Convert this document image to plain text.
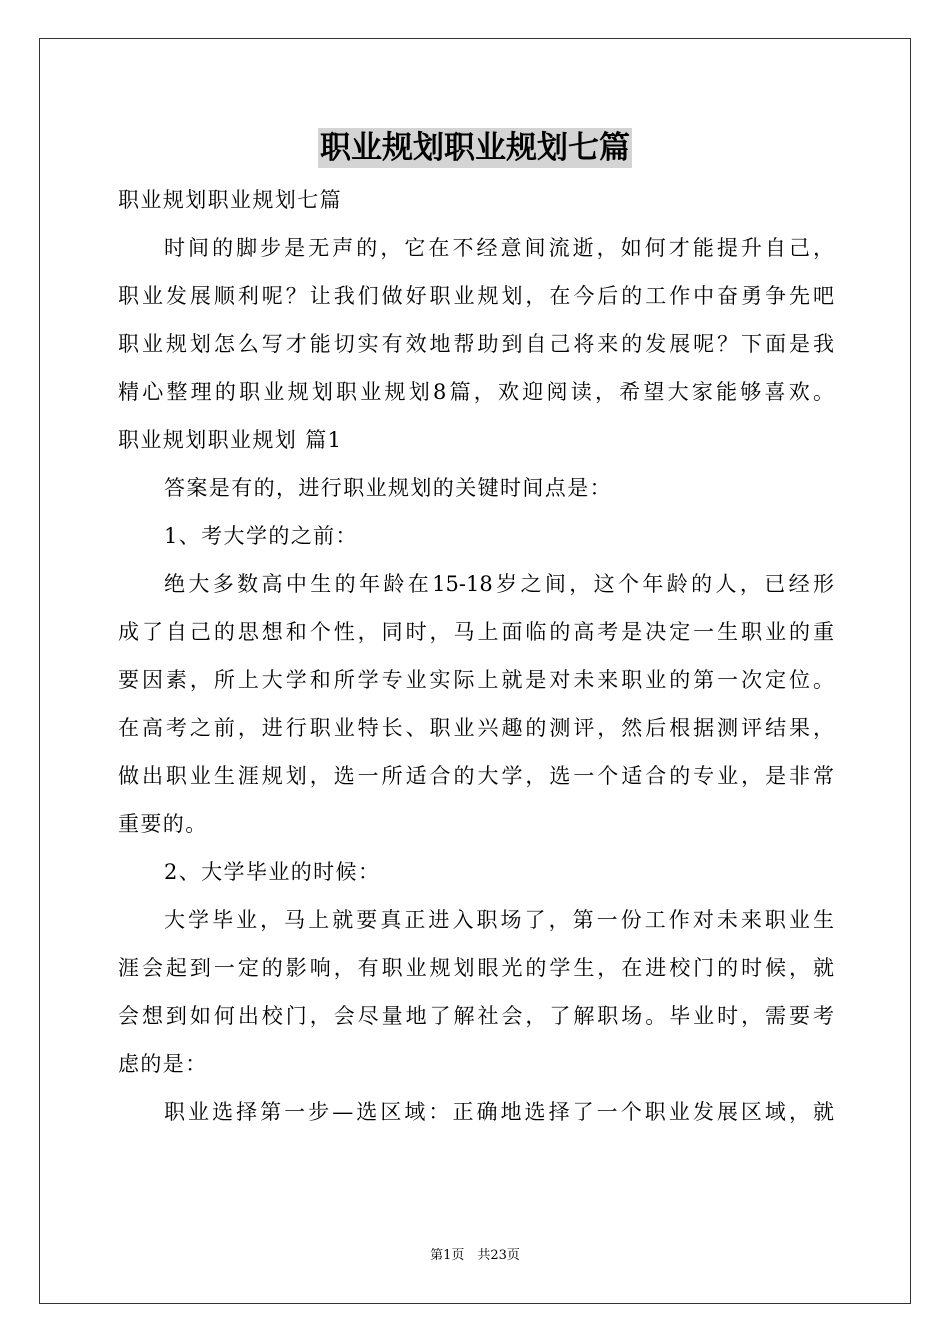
职业规划职业规划七篇
职业规划职业规划七篇
时间的脚步是无声的，它在不经意间流逝，如何才能提升自己，
职业发展顺利呢？让我们做好职业规划，在今后的工作中奋勇争先吧
职业规划怎么写才能切实有效地帮助到自己将来的发展呢？下面是我
精心整理的职业规划职业规划8篇，欢迎阅读，希望大家能够喜欢。
职业规划职业规划 篇1
答案是有的，进行职业规划的关键时间点是：
1、考大学的之前：
绝大多数高中生的年龄在15-18岁之间，这个年龄的人，已经形
成了自己的思想和个性，同时，马上面临的高考是决定一生职业的重
要因素，所上大学和所学专业实际上就是对未来职业的第一次定位。
在高考之前，进行职业特长、职业兴趣的测评，然后根据测评结果，
做出职业生涯规划，选一所适合的大学，选一个适合的专业，是非常
重要的。
2、大学毕业的时候：
大学毕业，马上就要真正进入职场了，第一份工作对未来职业生
涯会起到一定的影响，有职业规划眼光的学生，在进校门的时候，就
会想到如何出校门，会尽量地了解社会，了解职场。毕业时，需要考
虑的是：
职业选择第一步—选区域：正确地选择了一个职业发展区域，就
第1页　共23页
